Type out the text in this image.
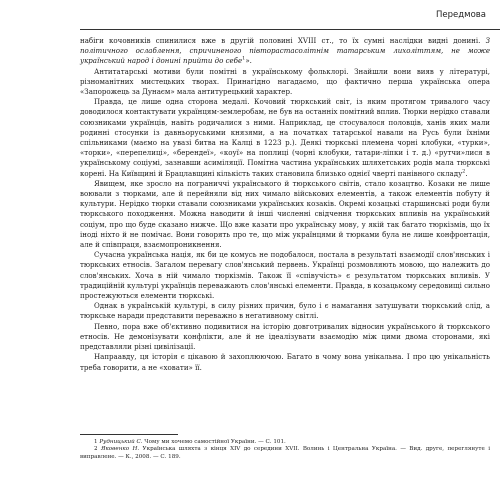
Передмова

набіги кочовників спинилися вже в другій половині XVIII ст., то їх сумні наслідки видні донині. З політичного ослаблення, спричиненого півтоpастасолітнім татарським лихоліттям, не може український народ і донині прийти до себе$^1$».

Антитатарські мотиви були помітні в українському фольклорі. Знайшли вони вияв у літературі, різноманітних мистецьких творах. Принагідно нагадаємо, що фактично перша українська опера «Запорожець за Дунаєм» мала антитурецький характер.

Правда, це лише одна сторона медалі. Кочовий тюркський світ, із яким протягом тривалого часу доводилося контактувати українцям-землеробам, не був на останніх помітний вплив. Тюрки нерідко ставали союзниками українців, навіть родичалися з ними. Наприклад, це стосувалося половців, ханів яких мали родинні стосунки із давньоруськими князями, а на початках татарської навали на Русь були їхніми спільниками (маємо на увазі битва на Калці в 1223 р.). Деякі тюркські племена чорні клобуки, «турки», «торки», «перепелиці», «берендеї», «коуї» на поплиці (чорні клобуки, татари-ліпки і т. д.) «рутчи»лися в українському соціумі, зазнавши асиміляції. Помітна частина українських шляхетських родів мала тюркські корені. На Київщині й Брацлавщині кількість таких становила близько однієї чверті панівного складу$^2$.

Явищем, яке зросло на пограниччі українського й тюркського світів, стало козацтво. Козаки не лише воювали з тюрками, але й перейняли від них чимало військових елементів, а також елементів побуту й культури. Нерідко тюрки ставали союзниками українських козаків. Окремі козацькі старшинські роди були тюркського походження. Можна наводити й інші численні свідчення тюркських впливів на український соціум, про що буде сказано нижче. Що вже казати про українську мову, у якій так багато тюркізмів, що їх іноді ніхто й не помічає. Вони говорять про те, що між українцями й тюрками була не лише конфронтація, але й співпраця, взаємопроникнення.

Сучасна українська нація, як би це комусь не подобалося, постала в результаті взаємодії слов'янських і тюркських етносів. Загалом перевагу слов'янський первень. Українці розмовляють мовою, що належить до слов'янських. Хоча в ній чимало тюркізмів. Також її «співучість» є результатом тюркських впливів. У традиційній культурі українців переважають слов'янські елементи. Правда, в козацькому середовищі сильно простежуються елементи тюркські.

Однак в українській культурі, в силу різних причин, було і є намагання затушувати тюркський слід, а тюркське наради представити переважно в негативному світлі.

Певно, пора вже об'єктивно подивитися на історію довготривалих відносин українського й тюркського етносів. Не демонізувати конфлікти, але й не ідеалізувати взаємодію між цими двома сторонами, які представляли різні цивілізації.

Напраавду, ця історія є цікавою й захоплюючою. Багато в чому вона унікальна. І про цю унікальність треба говорити, а не «ховати» її.

1 Рудницький С. Чому ми хочемо самостійної України. — С. 101.

2 Яковенко Н. Українська шляхта з кінця XIV до середини XVII. Волинь і Центральна Україна. — Вид. друге, переглянуте і виправлене. — К., 2008. — С. 189.
